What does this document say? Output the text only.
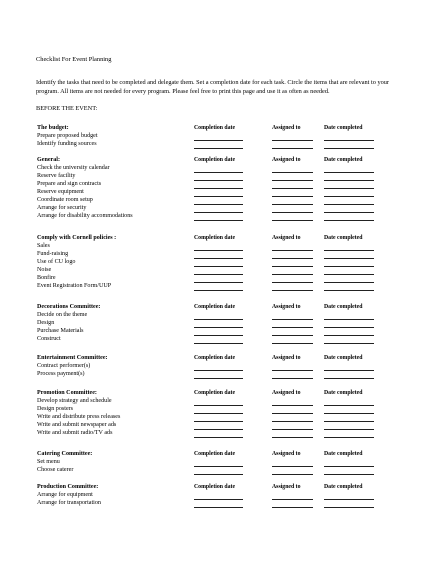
Checklist For Event Planning
Identify the tasks that need to be completed and delegate them. Set a completion date for each task. Circle the items that are relevant to your program. All items are not needed for every program. Please feel free to print this page and use it as often as needed.
BEFORE THE EVENT:
The budget:	Completion date	Assigned to	Date completed
Prepare proposed budget
Identify funding sources
General:	Completion date	Assigned to	Date completed
Check the university calendar
Reserve facility
Prepare and sign contracts
Reserve equipment
Coordinate room setup
Arrange for security
Arrange for disability accommodations
Comply with Cornell policies :	Completion date	Assigned to	Date completed
Sales
Fund-raising
Use of CU logo
Noise
Bonfire
Event Registration Form/UUP
Decorations Committee:	Completion date	Assigned to	Date completed
Decide on the theme
Design
Purchase Materials
Construct
Entertainment Committee:	Completion date	Assigned to	Date completed
Contract performer(s)
Process payment(s)
Promotion Committee:	Completion date	Assigned to	Date completed
Develop strategy and schedule
Design posters
Write and distribute press releases
Write and submit newspaper ads
Write and submit radio/TV ads
Catering Committee:	Completion date	Assigned to	Date completed
Set menu
Choose caterer
Production Committee:	Completion date	Assigned to	Date completed
Arrange for equipment
Arrange for transportation
